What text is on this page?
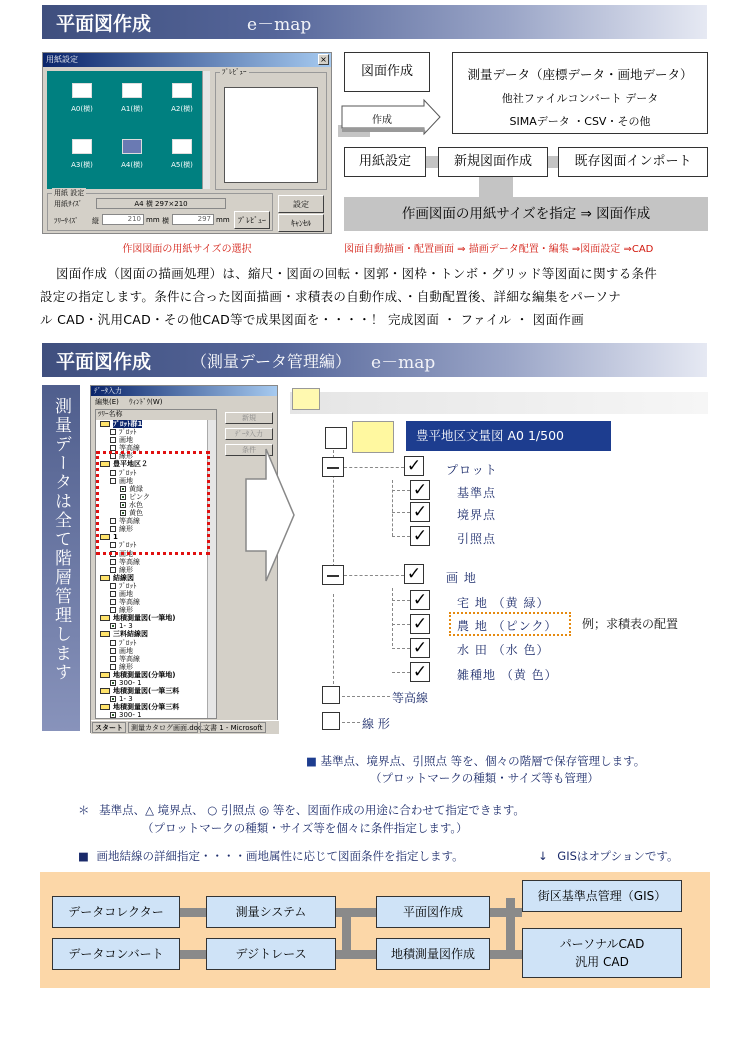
平面図作成	e－map
用紙設定	×
A0(横)	A1(横)	A2(横)
A3(横)	A4(横)	A5(横)
ﾌﾟﾚﾋﾞｭｰ
用紙 設定
用紙ｻｲｽﾞ	A4 横 297×210
ﾌﾘｰｻｲｽﾞ 縦	210 mm 横	297 mm	ﾌﾟﾚﾋﾞｭｰ
設定
ｷｬﾝｾﾙ
作図図面の用紙サイズの選択
図面作成
作成
測量データ（座標データ・画地データ）
他社ファイルコンバート データ
SIMAデータ ・CSV・その他
用紙設定	新規図面作成	既存図面インポート
作画図面の用紙サイズを指定 ⇒ 図面作成
図面自動描画・配置画面 ⇒ 描画データ配置・編集 ⇒図面設定 ⇒CAD
図面作成（図面の描画処理）は、縮尺・図面の回転・図郭・図枠・トンボ・グリッド等図面に関する条件
設定の指定します。条件に合った図面描画・求積表の自動作成、・自動配置後、詳細な編集をパーソナ
ル CAD・汎用CAD・その他CAD等で成果図面を・・・・！ 完成図面 ・ ファイル ・ 図面作画
平面図作成	（測量データ管理編） e－map
測量データは全て階層管理します
ﾃﾞｰﾀ入力
編集(E) ｳｨﾝﾄﾞｳ(W)
ﾂﾘｰ名称
ﾌﾟﾛｯﾄ群1
ﾌﾟﾛｯﾄ
画地
等高線
線形
豊平地区２
ﾌﾟﾛｯﾄ
画地
黄緑
ピンク
水色
黄色
等高線
線形
1
ﾌﾟﾛｯﾄ
画地
等高線
線形
結線図
ﾌﾟﾛｯﾄ
画地
等高線
線形
地積測量図(一筆地)
1- 3
三料結線図
ﾌﾟﾛｯﾄ
画地
等高線
線形
地積測量図(分筆地)
300- 1
地積測量図(一筆三料
1- 3
地積測量図(分筆三料
300- 1
新規
ﾃﾞｰﾀ入力
条件
スタート	測量カタログ画面.doc...
文書 1 - Microsoft
豊平地区文量図 A0 1/500
✓ プロット
✓ 基準点
✓ 境界点
✓ 引照点
✓ 画 地
✓ 宅 地 （黄 緑）
✓ 農 地 （ピンク） 例；求積表の配置
✓ 水 田 （水 色）
✓ 雑種地 （黄 色）
等高線
線 形
■ 基準点、境界点、引照点 等を、個々の階層で保存管理します。
（プロットマークの種類・サイズ等も管理）
＊ 基準点、△ 境界点、 ○ 引照点 ◎ 等を、図面作成の用途に合わせて指定できます。
（プロットマークの種類・サイズ等を個々に条件指定します。）
■ 画地結線の詳細指定・・・・画地属性に応じて図面条件を指定します。	↓ GISはオプションです。
データコレクター
データコンバート
測量システム
デジトレース
平面図作成
地積測量図作成
街区基準点管理（GIS）
パーソナルCAD
汎用 CAD
